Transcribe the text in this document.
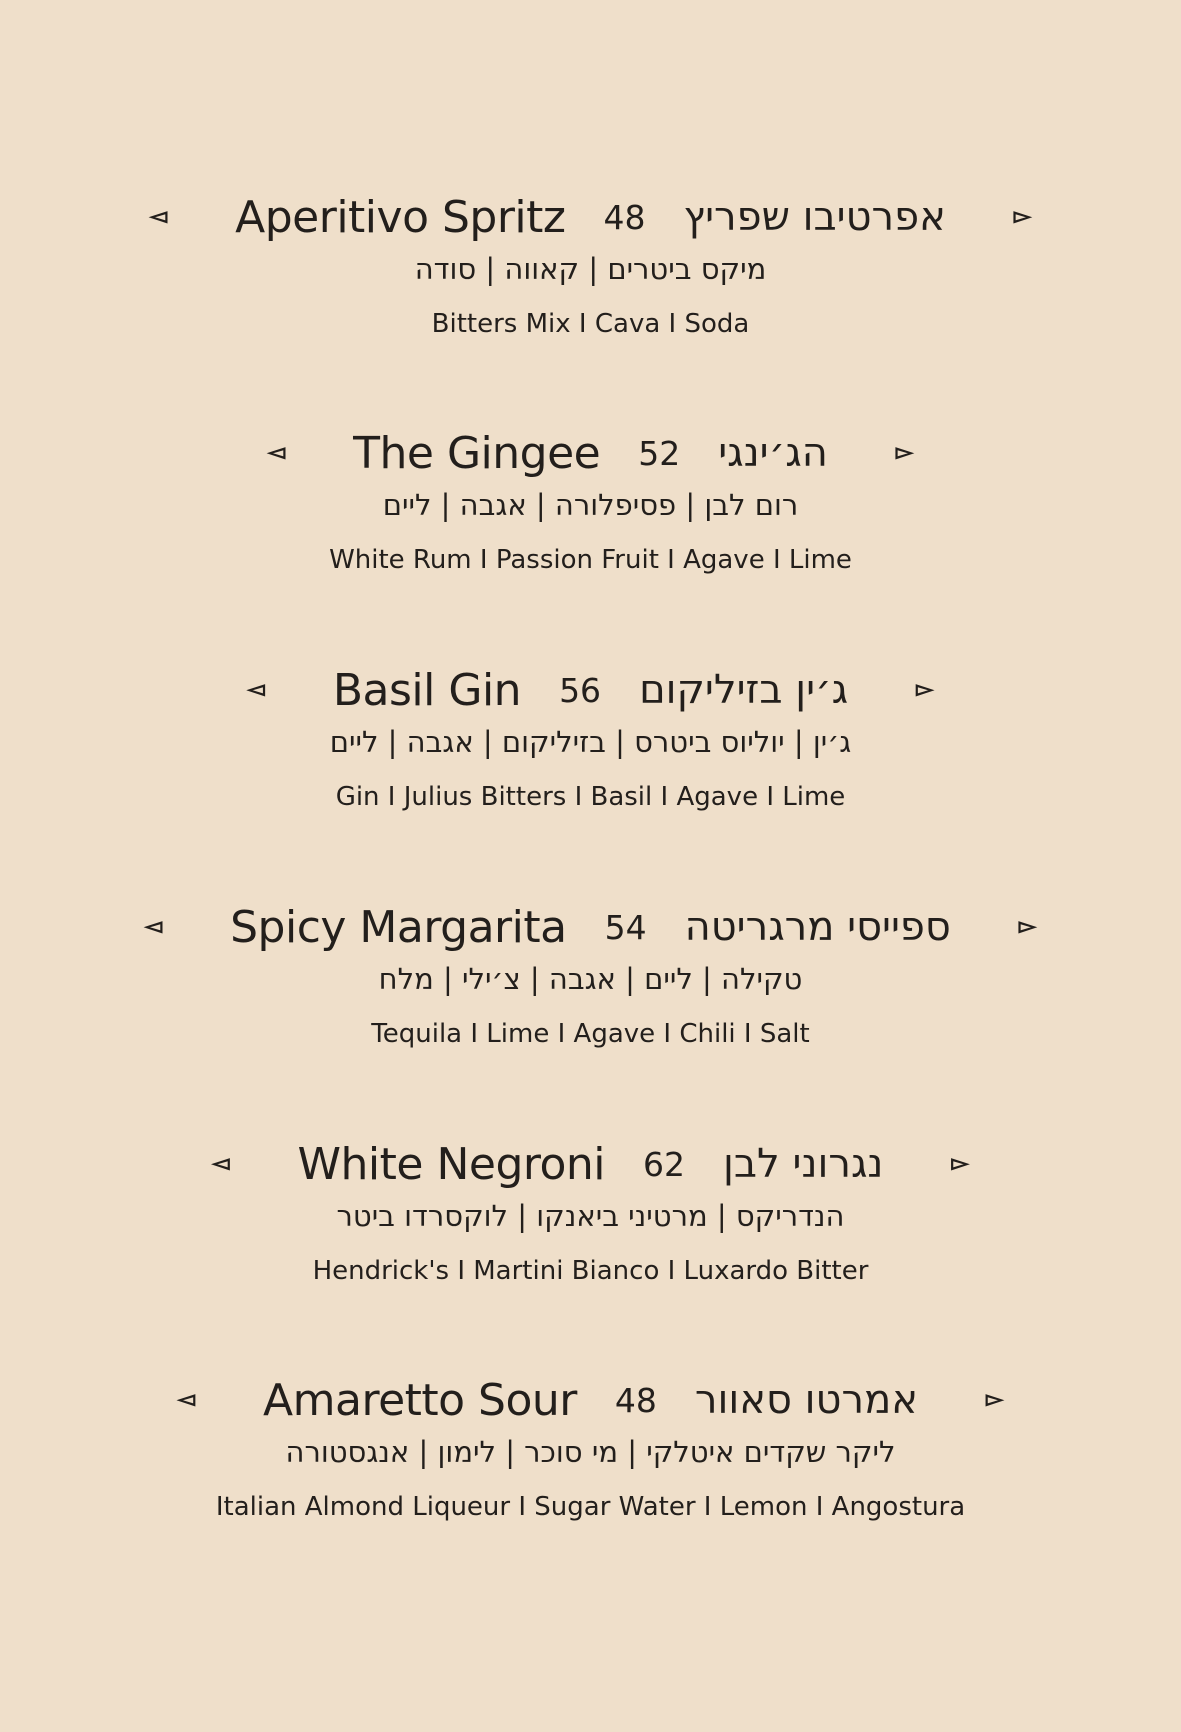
◅ Aperitivo Spritz 48 אפרטיבו שפריץ	▻
מיקס ביטרים | קאווה | סודה
Bitters Mix I Cava I Soda
◅ The Gingee 52 הג׳ינגי	▻
רום לבן | פסיפלורה | אגבה | ליים
White Rum I Passion Fruit I Agave I Lime
◅ Basil Gin 56 ג׳ין בזיליקום	▻
ג׳ין | יוליוס ביטרס | בזיליקום | אגבה | ליים
Gin I Julius Bitters I Basil I Agave I Lime
◅ Spicy Margarita 54 ספייסי מרגריטה	▻
טקילה | ליים | אגבה | צ׳ילי | מלח
Tequila I Lime I Agave I Chili I Salt
◅ White Negroni 62 נגרוני לבן	▻
הנדריקס | מרטיני ביאנקו | לוקסרדו ביטר
Hendrick's I Martini Bianco I Luxardo Bitter
◅ Amaretto Sour 48 אמרטו סאוור	▻
ליקר שקדים איטלקי | מי סוכר | לימון | אנגסטורה
Italian Almond Liqueur I Sugar Water I Lemon I Angostura
